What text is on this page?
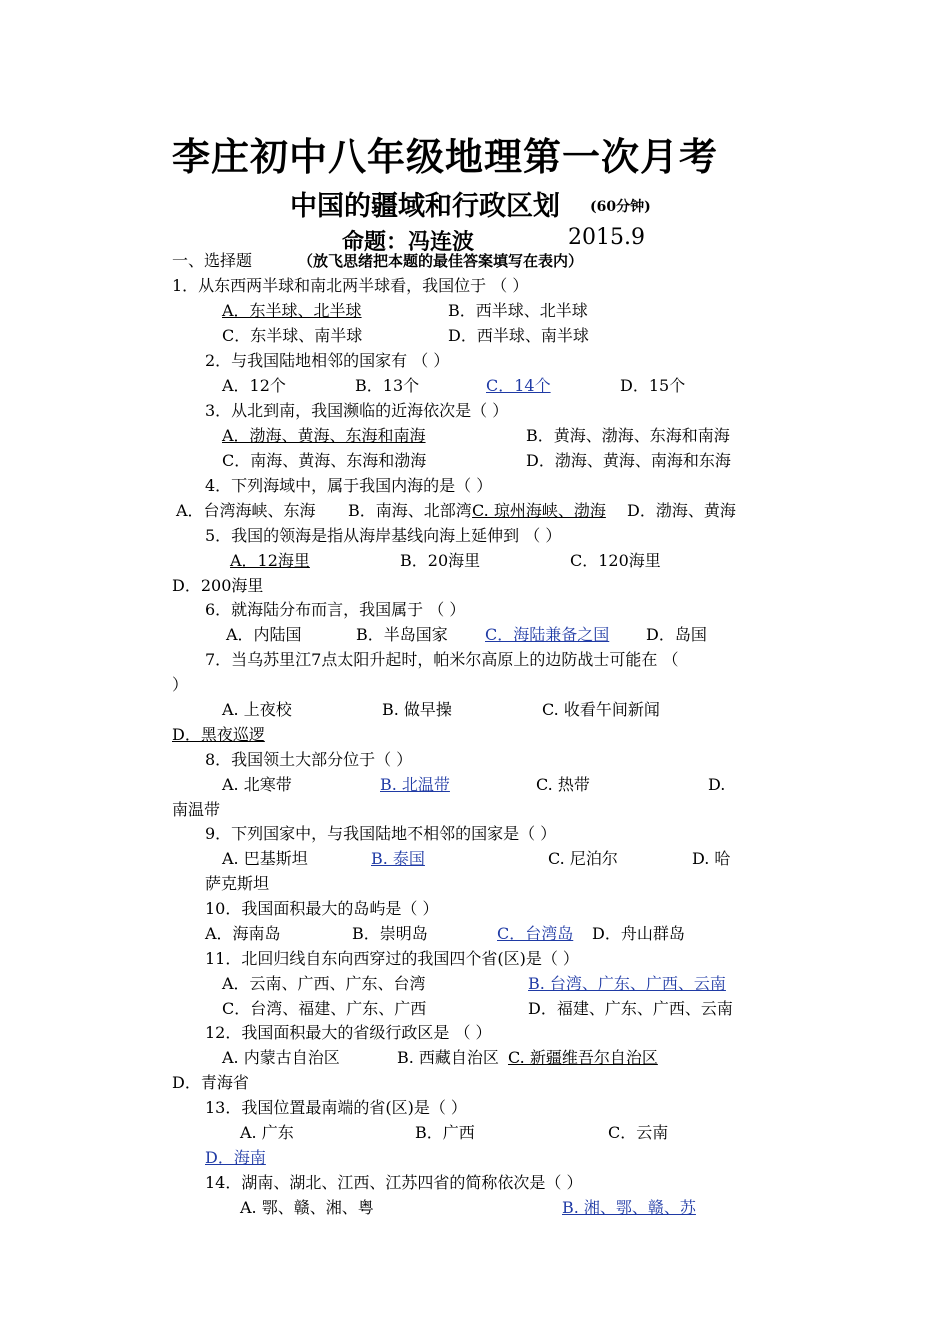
李庄初中八年级地理第一次月考
中国的疆域和行政区划 (60分钟)
命题：冯连波	2015.9
一、选择题	（放飞思绪把本题的最佳答案填写在表内）
1．从东西两半球和南北两半球看，我国位于 （ ）
A．东半球、北半球	B．西半球、北半球
C．东半球、南半球	D．西半球、南半球
2．与我国陆地相邻的国家有 （ ）
A．12个	B．13个	C．14个	D．15个
3．从北到南，我国濒临的近海依次是（ ）
A．渤海、黄海、东海和南海	B．黄海、渤海、东海和南海
C．南海、黄海、东海和渤海	D．渤海、黄海、南海和东海
4．下列海域中，属于我国内海的是（ ）
A．台湾海峡、东海 B．南海、北部湾 C. 琼州海峡、渤海 D．渤海、黄海
5．我国的领海是指从海岸基线向海上延伸到 （ ）
A．12海里	B．20海里	C．120海里
D．200海里
6．就海陆分布而言，我国属于 （ ）
A．内陆国	B．半岛国家 C．海陆兼备之国 D．岛国
7．当乌苏里江7点太阳升起时，帕米尔高原上的边防战士可能在 （
）
A. 上夜校	B. 做早操	C. 收看午间新闻
D．黑夜巡逻
8．我国领土大部分位于（ ）
A. 北寒带	B. 北温带	C. 热带	D.
南温带
9．下列国家中，与我国陆地不相邻的国家是（ ）
A. 巴基斯坦	B. 泰国	C. 尼泊尔	D. 哈
萨克斯坦
10．我国面积最大的岛屿是（ ）
A．海南岛	B．崇明岛	C．台湾岛 D．舟山群岛
11．北回归线自东向西穿过的我国四个省(区)是（ ）
A．云南、广西、广东、台湾	B. 台湾、广东、广西、云南
C．台湾、福建、广东、广西	D．福建、广东、广西、云南
12．我国面积最大的省级行政区是 （ ）
A. 内蒙古自治区	B. 西藏自治区 C. 新疆维吾尔自治区
D．青海省
13．我国位置最南端的省(区)是（ ）
A. 广东	B．广西	C．云南
D．海南
14．湖南、湖北、江西、江苏四省的简称依次是（ ）
A. 鄂、赣、湘、粤	B. 湘、鄂、赣、苏
